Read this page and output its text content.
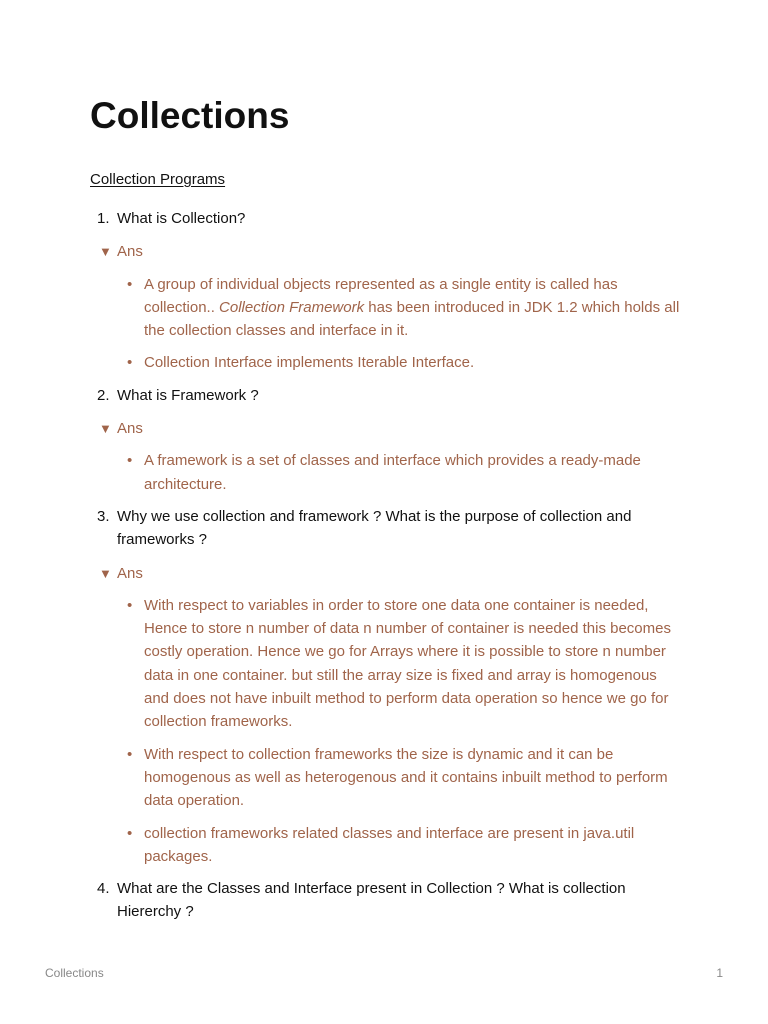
Collections
Collection Programs
1. What is Collection?
▼ Ans
• A group of individual objects represented as a single entity is called has collection.. Collection Framework has been introduced in JDK 1.2 which holds all the collection classes and interface in it.
• Collection Interface implements Iterable Interface.
2. What is Framework ?
▼ Ans
• A framework is a set of classes and interface which provides a ready-made architecture.
3. Why we use collection and framework ? What is the purpose of collection and frameworks ?
▼ Ans
• With respect to variables in order to store one data one container is needed, Hence to store n number of data n number of container is needed this becomes costly operation. Hence we go for Arrays where it is possible to store n number data in one container. but still the array size is fixed and array is homogenous and does not have inbuilt method to perform data operation so hence we go for collection frameworks.
• With respect to collection frameworks the size is dynamic and it can be homogenous as well as heterogenous and it contains inbuilt method to perform data operation.
• collection frameworks related classes and interface are present in java.util packages.
4. What are the Classes and Interface present in Collection ? What is collection Hiererchy ?
Collections	1
